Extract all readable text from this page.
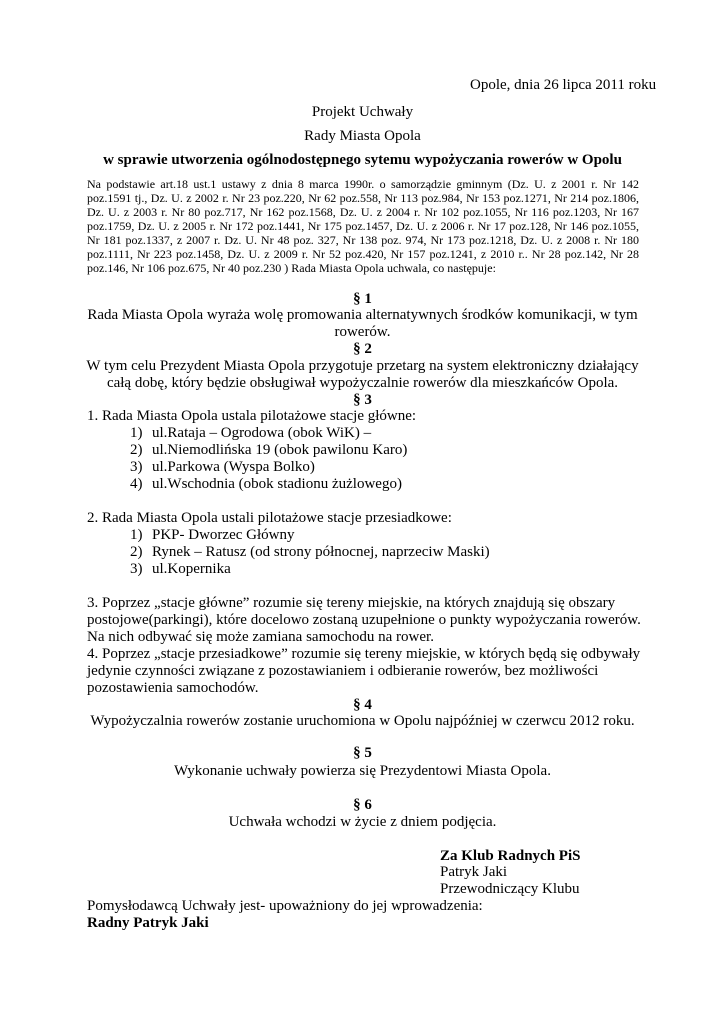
Opole, dnia 26 lipca 2011 roku
Projekt Uchwały
Rady Miasta Opola
w sprawie utworzenia ogólnodostępnego sytemu wypożyczania rowerów w Opolu
Na podstawie art.18 ust.1 ustawy z dnia 8 marca 1990r. o samorządzie gminnym (Dz. U. z 2001 r. Nr 142 poz.1591 tj., Dz. U. z 2002 r. Nr 23 poz.220, Nr 62 poz.558, Nr 113 poz.984, Nr 153 poz.1271, Nr 214 poz.1806, Dz. U. z 2003 r. Nr 80 poz.717, Nr 162 poz.1568, Dz. U. z 2004 r. Nr 102 poz.1055, Nr 116 poz.1203, Nr 167 poz.1759, Dz. U. z 2005 r. Nr 172 poz.1441, Nr 175 poz.1457, Dz. U. z 2006 r. Nr 17 poz.128, Nr 146 poz.1055, Nr 181 poz.1337, z 2007 r. Dz. U. Nr 48 poz. 327, Nr 138 poz. 974, Nr 173 poz.1218, Dz. U. z 2008 r. Nr 180 poz.1111, Nr 223 poz.1458, Dz. U. z 2009 r. Nr 52 poz.420, Nr 157 poz.1241, z 2010 r.. Nr 28 poz.142, Nr 28 poz.146, Nr 106 poz.675, Nr 40 poz.230 ) Rada Miasta Opola uchwala, co następuje:
§ 1
Rada Miasta Opola wyraża wolę promowania alternatywnych środków komunikacji, w tym
rowerów.
§ 2
W tym celu Prezydent Miasta Opola przygotuje przetarg na system elektroniczny działający
całą dobę, który będzie obsługiwał wypożyczalnie rowerów dla mieszkańców Opola.
§ 3
1. Rada Miasta Opola ustala pilotażowe stacje główne:
1) ul.Rataja – Ogrodowa (obok WiK) –
2) ul.Niemodlińska 19 (obok pawilonu Karo)
3) ul.Parkowa (Wyspa Bolko)
4) ul.Wschodnia (obok stadionu żużlowego)
2. Rada Miasta Opola ustali pilotażowe stacje przesiadkowe:
1) PKP- Dworzec Główny
2) Rynek – Ratusz (od strony północnej, naprzeciw Maski)
3) ul.Kopernika
3. Poprzez „stacje główne” rozumie się tereny miejskie, na których znajdują się obszary
postojowe(parkingi), które docelowo zostaną uzupełnione o punkty wypożyczania rowerów.
Na nich odbywać się może zamiana samochodu na rower.
4. Poprzez „stacje przesiadkowe” rozumie się tereny miejskie, w których będą się odbywały
jedynie czynności związane z pozostawianiem i odbieranie rowerów, bez możliwości
pozostawienia samochodów.
§ 4
Wypożyczalnia rowerów zostanie uruchomiona w Opolu najpóźniej w czerwcu 2012 roku.
§ 5
Wykonanie uchwały powierza się Prezydentowi Miasta Opola.
§ 6
Uchwała wchodzi w życie z dniem podjęcia.
Za Klub Radnych PiS
Patryk Jaki
Przewodniczący Klubu
Pomysłodawcą Uchwały jest- upoważniony do jej wprowadzenia:
Radny Patryk Jaki
